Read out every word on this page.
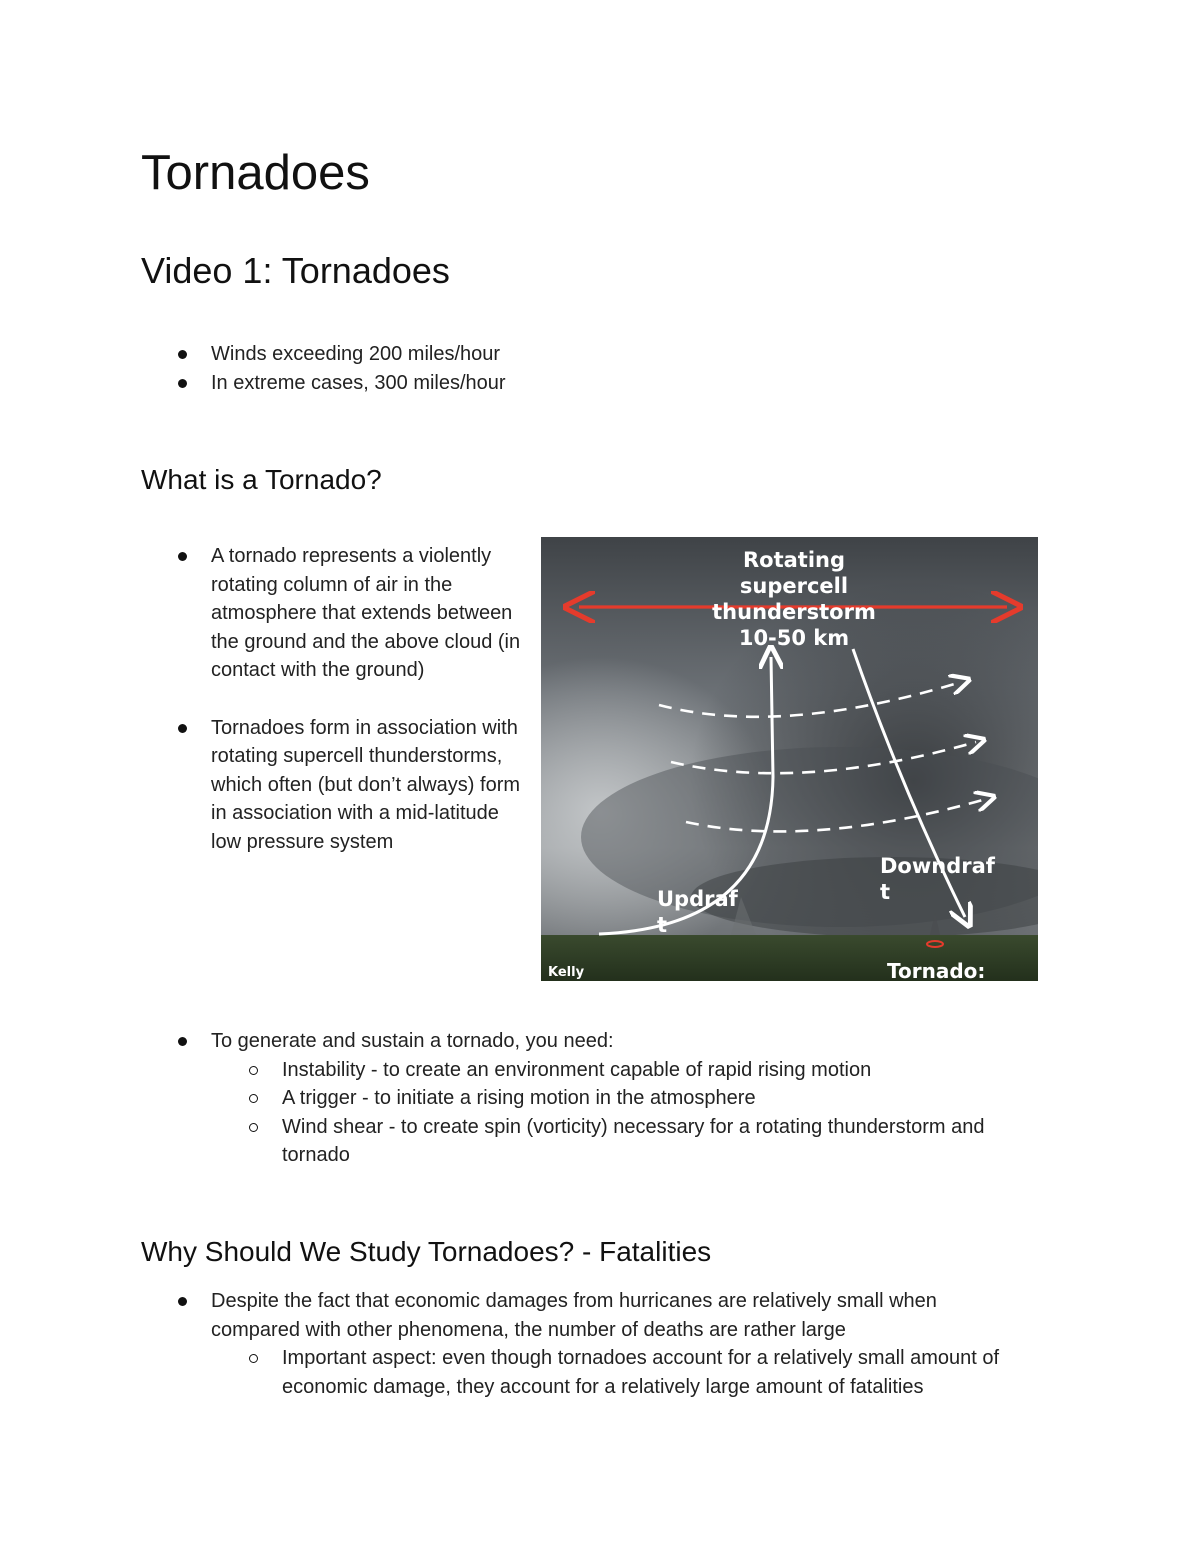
Tornadoes
Video 1: Tornadoes
Winds exceeding 200 miles/hour
In extreme cases, 300 miles/hour
What is a Tornado?
A tornado represents a violently rotating column of air in the atmosphere that extends between the ground and the above cloud (in contact with the ground)
Tornadoes form in association with rotating supercell thunderstorms, which often (but don’t always) form in association with a mid-latitude low pressure system
Rotating
supercell
thunderstorm
10-50 km
Updraf
t
Downdraf
t
Tornado:
Kelly
To generate and sustain a tornado, you need:
Instability - to create an environment capable of rapid rising motion
A trigger - to initiate a rising motion in the atmosphere
Wind shear - to create spin (vorticity) necessary for a rotating thunderstorm and tornado
Why Should We Study Tornadoes? - Fatalities
Despite the fact that economic damages from hurricanes are relatively small when compared with other phenomena, the number of deaths are rather large
Important aspect: even though tornadoes account for a relatively small amount of economic damage, they account for a relatively large amount of fatalities
